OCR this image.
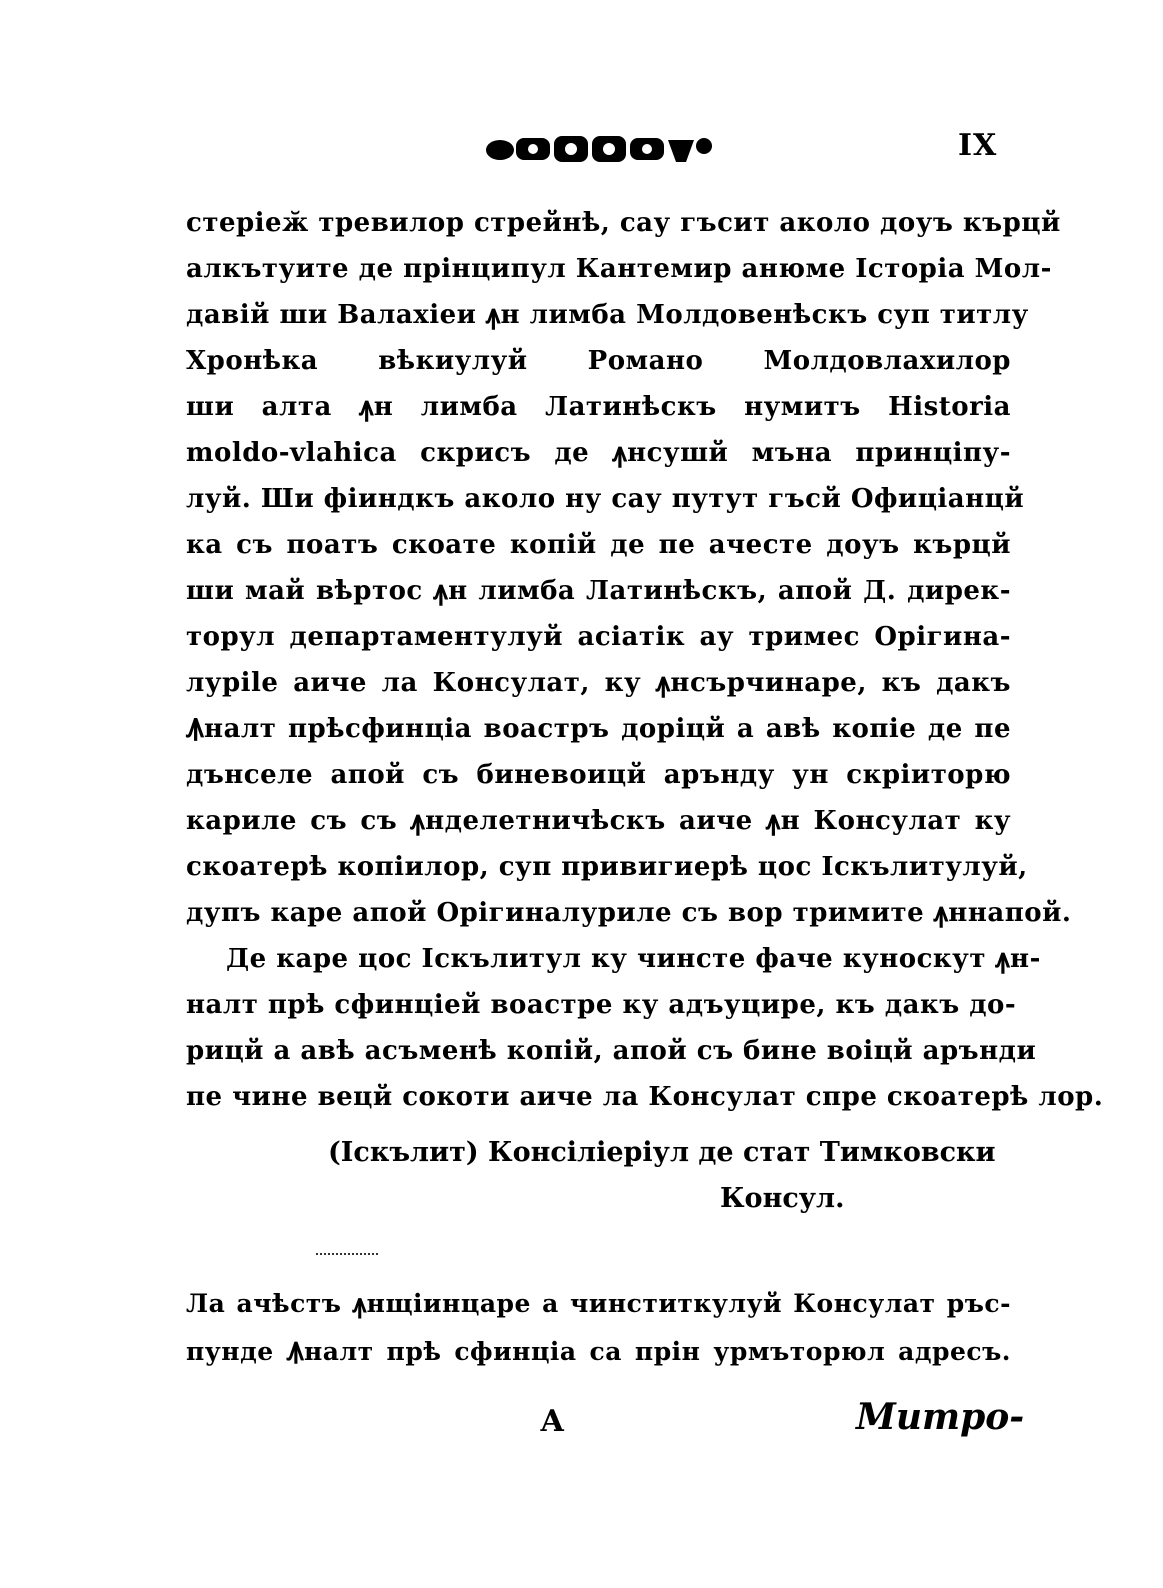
IX
стеріеӂ тревилор стрейнѣ, сау гъсит аколо доуъ кърцй
алкътуите де прінципул Кантемир анюме Історіа Мол-
давій ши Валахіеи ꙟн лимба Молдовенѣскъ суп титлу
Хронѣка вѣкиулуй Романо Молдовлахилор
ши алта ꙟн лимба Латинѣскъ нумитъ Historia
moldo-vlahica скрисъ де ꙟнсушй мъна принціпу-
луй. Ши фіиндкъ аколо ну сау путут гъсй Офицiанцй
ка съ поатъ скоате копій де пе ачесте доуъ кърцй
ши май вѣртос ꙟн лимба Латинѣскъ, апой Д. дирек-
торул департаментулуй асіатік ау тримес Орігина-
лурile аиче ла Консулат, ку ꙟнсърчинаре, къ дакъ
Ꙟналт прѣсфинціа воастръ доріцй а авѣ копіе де пе
дънселе апой съ биневоицй арънду ун скріиторю
кариле съ съ ꙟнделетничѣскъ аиче ꙟн Консулат ку
скоатерѣ копіилор, суп привигиерѣ цос Іскълитулуй,
дупъ каре апой Орігиналуриле съ вор тримите ꙟннапой.
Де каре цос Іскълитул ку чинсте фаче куноскут ꙟн-
налт прѣ сфинціей воастре ку адъуцире, къ дакъ до-
рицй а авѣ асъменѣ копій, апой съ бине воіцй арънди
пе чине вецй сокоти аиче ла Консулат спре скоатерѣ лор.
(Іскълит) Консіліеріул де стат Тимковски
Консул.
Ла ачѣстъ ꙟнщіинцаре а чинститкулуй Консулат ръс-
пунде Ꙟналт прѣ сфинціа са прін урмъторюл адресъ.
А	Митро-
